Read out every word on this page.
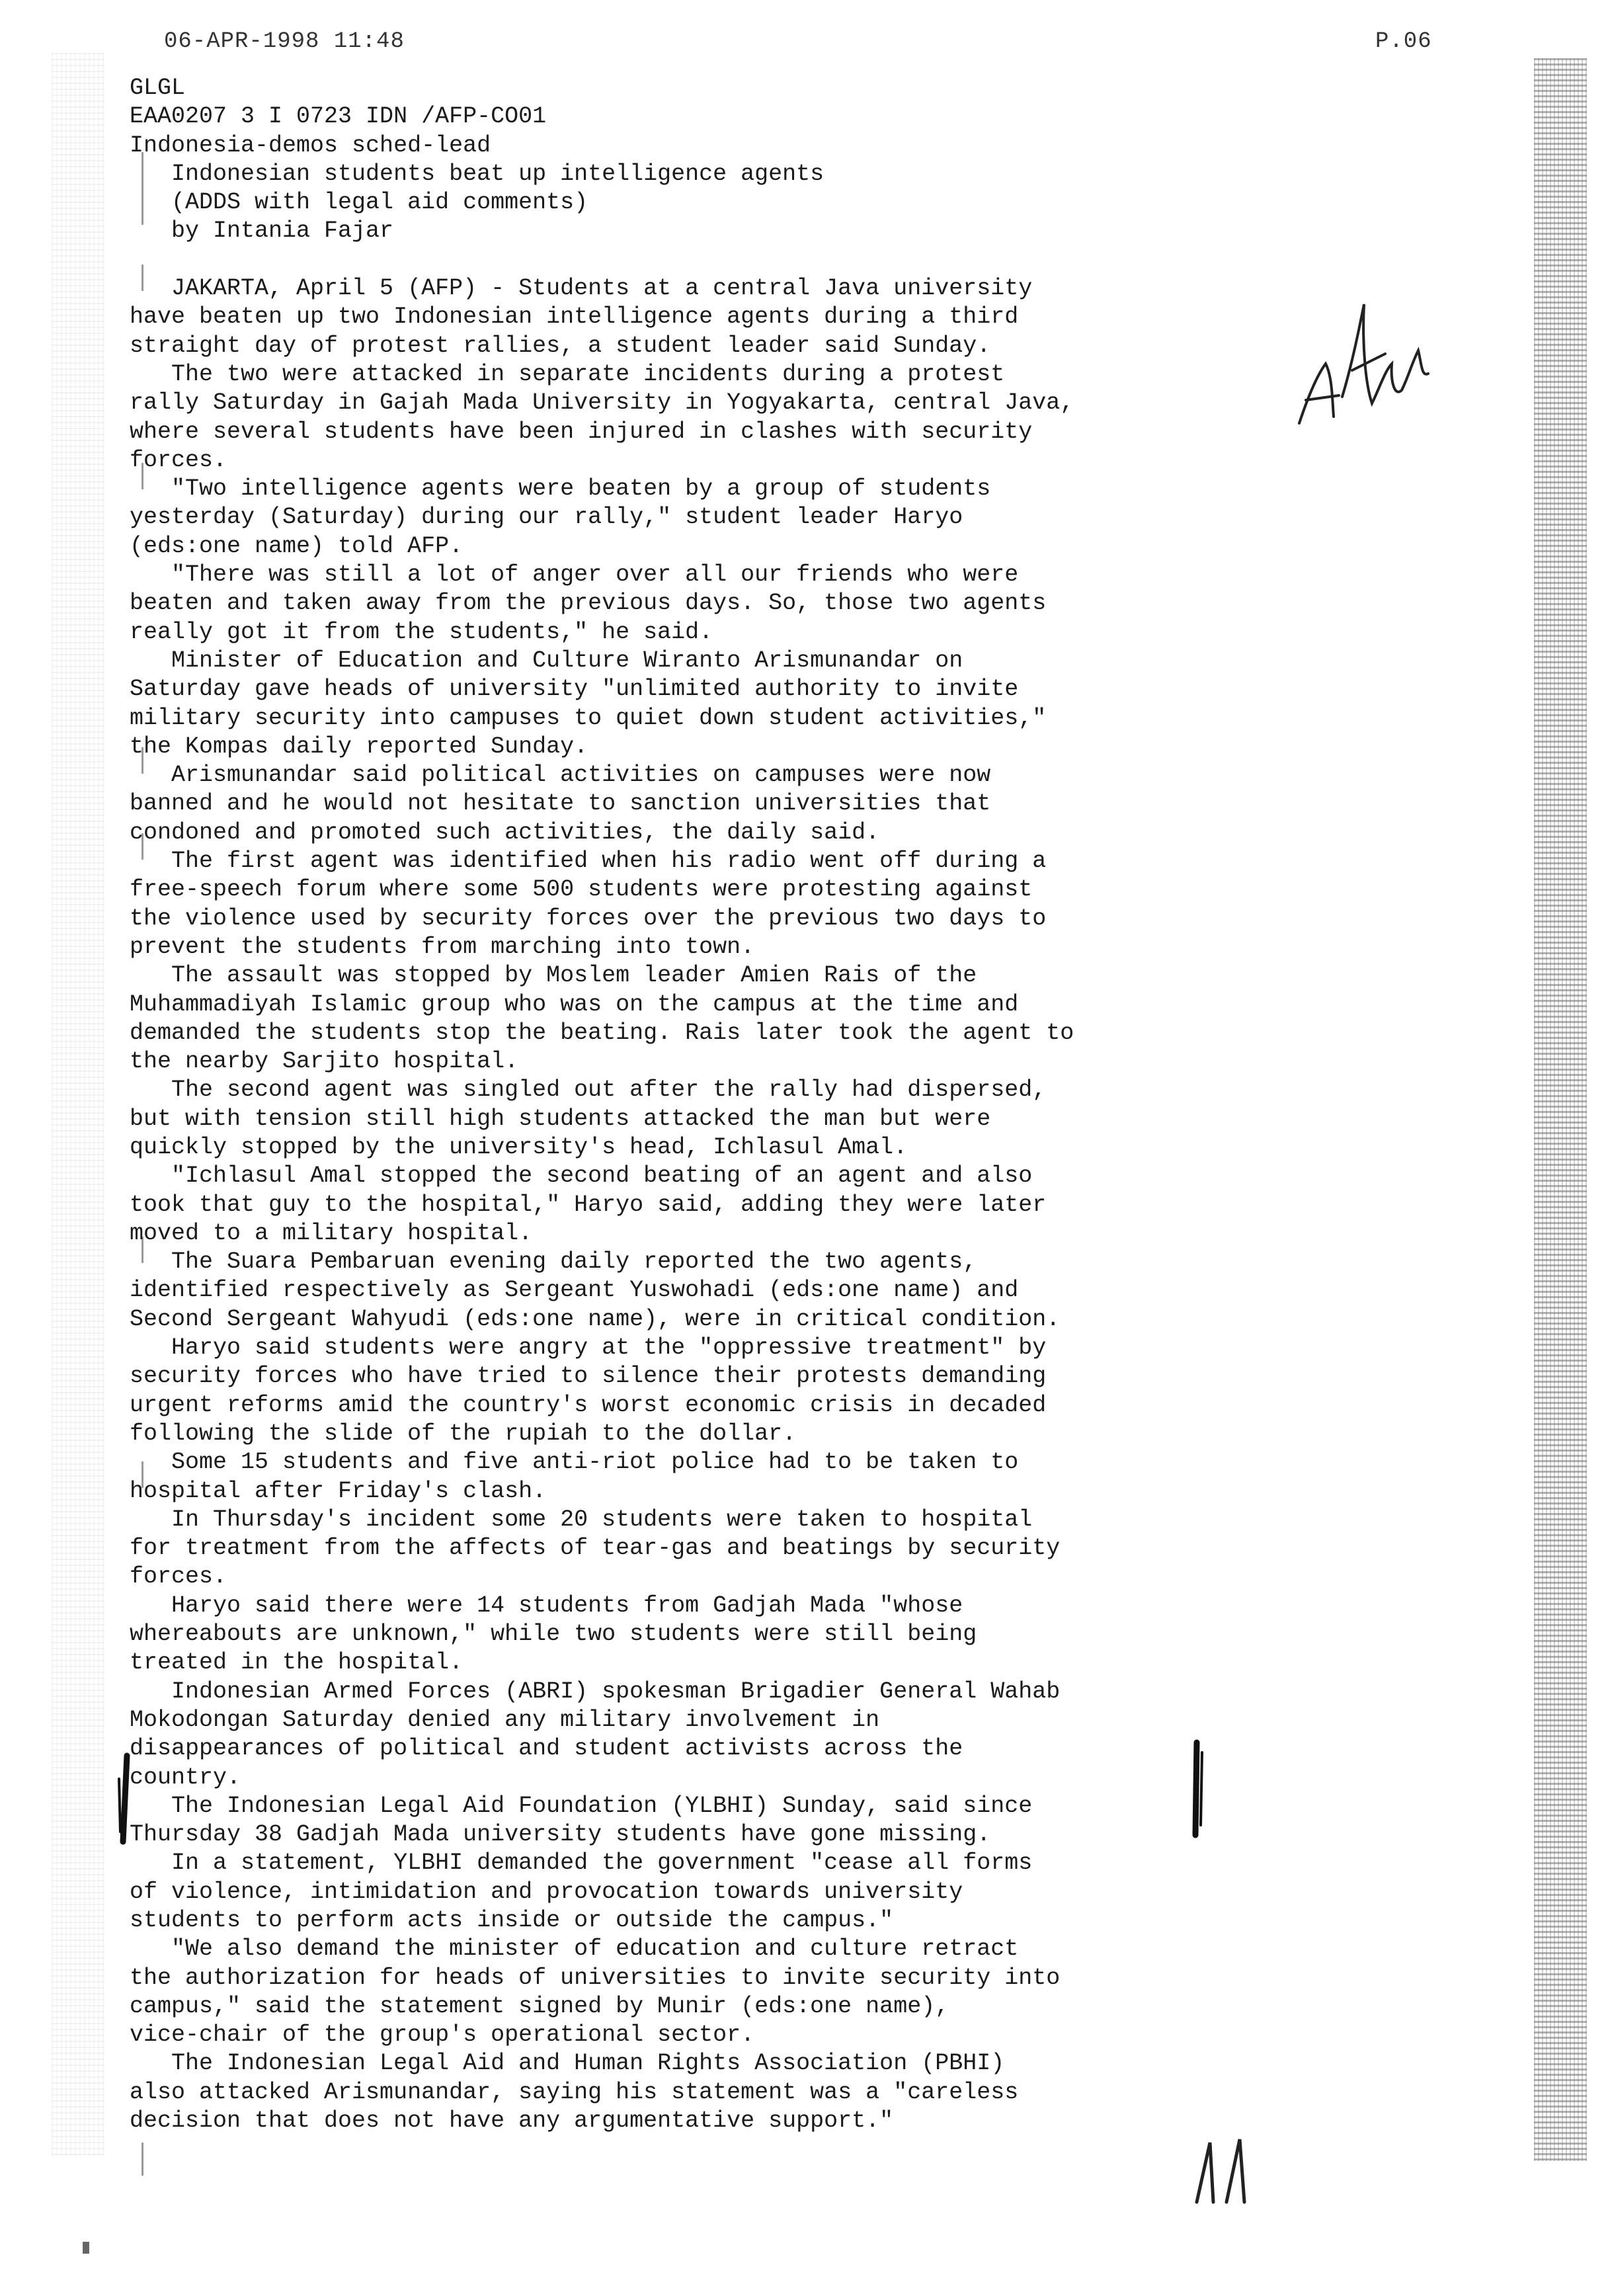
06-APR-1998 11:48	P.06
GLGL
EAA0207 3 I 0723 IDN /AFP-CO01
Indonesia-demos sched-lead
Indonesian students beat up intelligence agents
(ADDS with legal aid comments)
by Intania Fajar
JAKARTA, April 5 (AFP) - Students at a central Java university
have beaten up two Indonesian intelligence agents during a third
straight day of protest rallies, a student leader said Sunday.
The two were attacked in separate incidents during a protest
rally Saturday in Gajah Mada University in Yogyakarta, central Java,
where several students have been injured in clashes with security
forces.
"Two intelligence agents were beaten by a group of students
yesterday (Saturday) during our rally," student leader Haryo
(eds:one name) told AFP.
"There was still a lot of anger over all our friends who were
beaten and taken away from the previous days. So, those two agents
really got it from the students," he said.
Minister of Education and Culture Wiranto Arismunandar on
Saturday gave heads of university "unlimited authority to invite
military security into campuses to quiet down student activities,"
the Kompas daily reported Sunday.
Arismunandar said political activities on campuses were now
banned and he would not hesitate to sanction universities that
condoned and promoted such activities, the daily said.
The first agent was identified when his radio went off during a
free-speech forum where some 500 students were protesting against
the violence used by security forces over the previous two days to
prevent the students from marching into town.
The assault was stopped by Moslem leader Amien Rais of the
Muhammadiyah Islamic group who was on the campus at the time and
demanded the students stop the beating. Rais later took the agent to
the nearby Sarjito hospital.
The second agent was singled out after the rally had dispersed,
but with tension still high students attacked the man but were
quickly stopped by the university's head, Ichlasul Amal.
"Ichlasul Amal stopped the second beating of an agent and also
took that guy to the hospital," Haryo said, adding they were later
moved to a military hospital.
The Suara Pembaruan evening daily reported the two agents,
identified respectively as Sergeant Yuswohadi (eds:one name) and
Second Sergeant Wahyudi (eds:one name), were in critical condition.
Haryo said students were angry at the "oppressive treatment" by
security forces who have tried to silence their protests demanding
urgent reforms amid the country's worst economic crisis in decaded
following the slide of the rupiah to the dollar.
Some 15 students and five anti-riot police had to be taken to
hospital after Friday's clash.
In Thursday's incident some 20 students were taken to hospital
for treatment from the affects of tear-gas and beatings by security
forces.
Haryo said there were 14 students from Gadjah Mada "whose
whereabouts are unknown," while two students were still being
treated in the hospital.
Indonesian Armed Forces (ABRI) spokesman Brigadier General Wahab
Mokodongan Saturday denied any military involvement in
disappearances of political and student activists across the
country.
The Indonesian Legal Aid Foundation (YLBHI) Sunday, said since
Thursday 38 Gadjah Mada university students have gone missing.
In a statement, YLBHI demanded the government "cease all forms
of violence, intimidation and provocation towards university
students to perform acts inside or outside the campus."
"We also demand the minister of education and culture retract
the authorization for heads of universities to invite security into
campus," said the statement signed by Munir (eds:one name),
vice-chair of the group's operational sector.
The Indonesian Legal Aid and Human Rights Association (PBHI)
also attacked Arismunandar, saying his statement was a "careless
decision that does not have any argumentative support."
